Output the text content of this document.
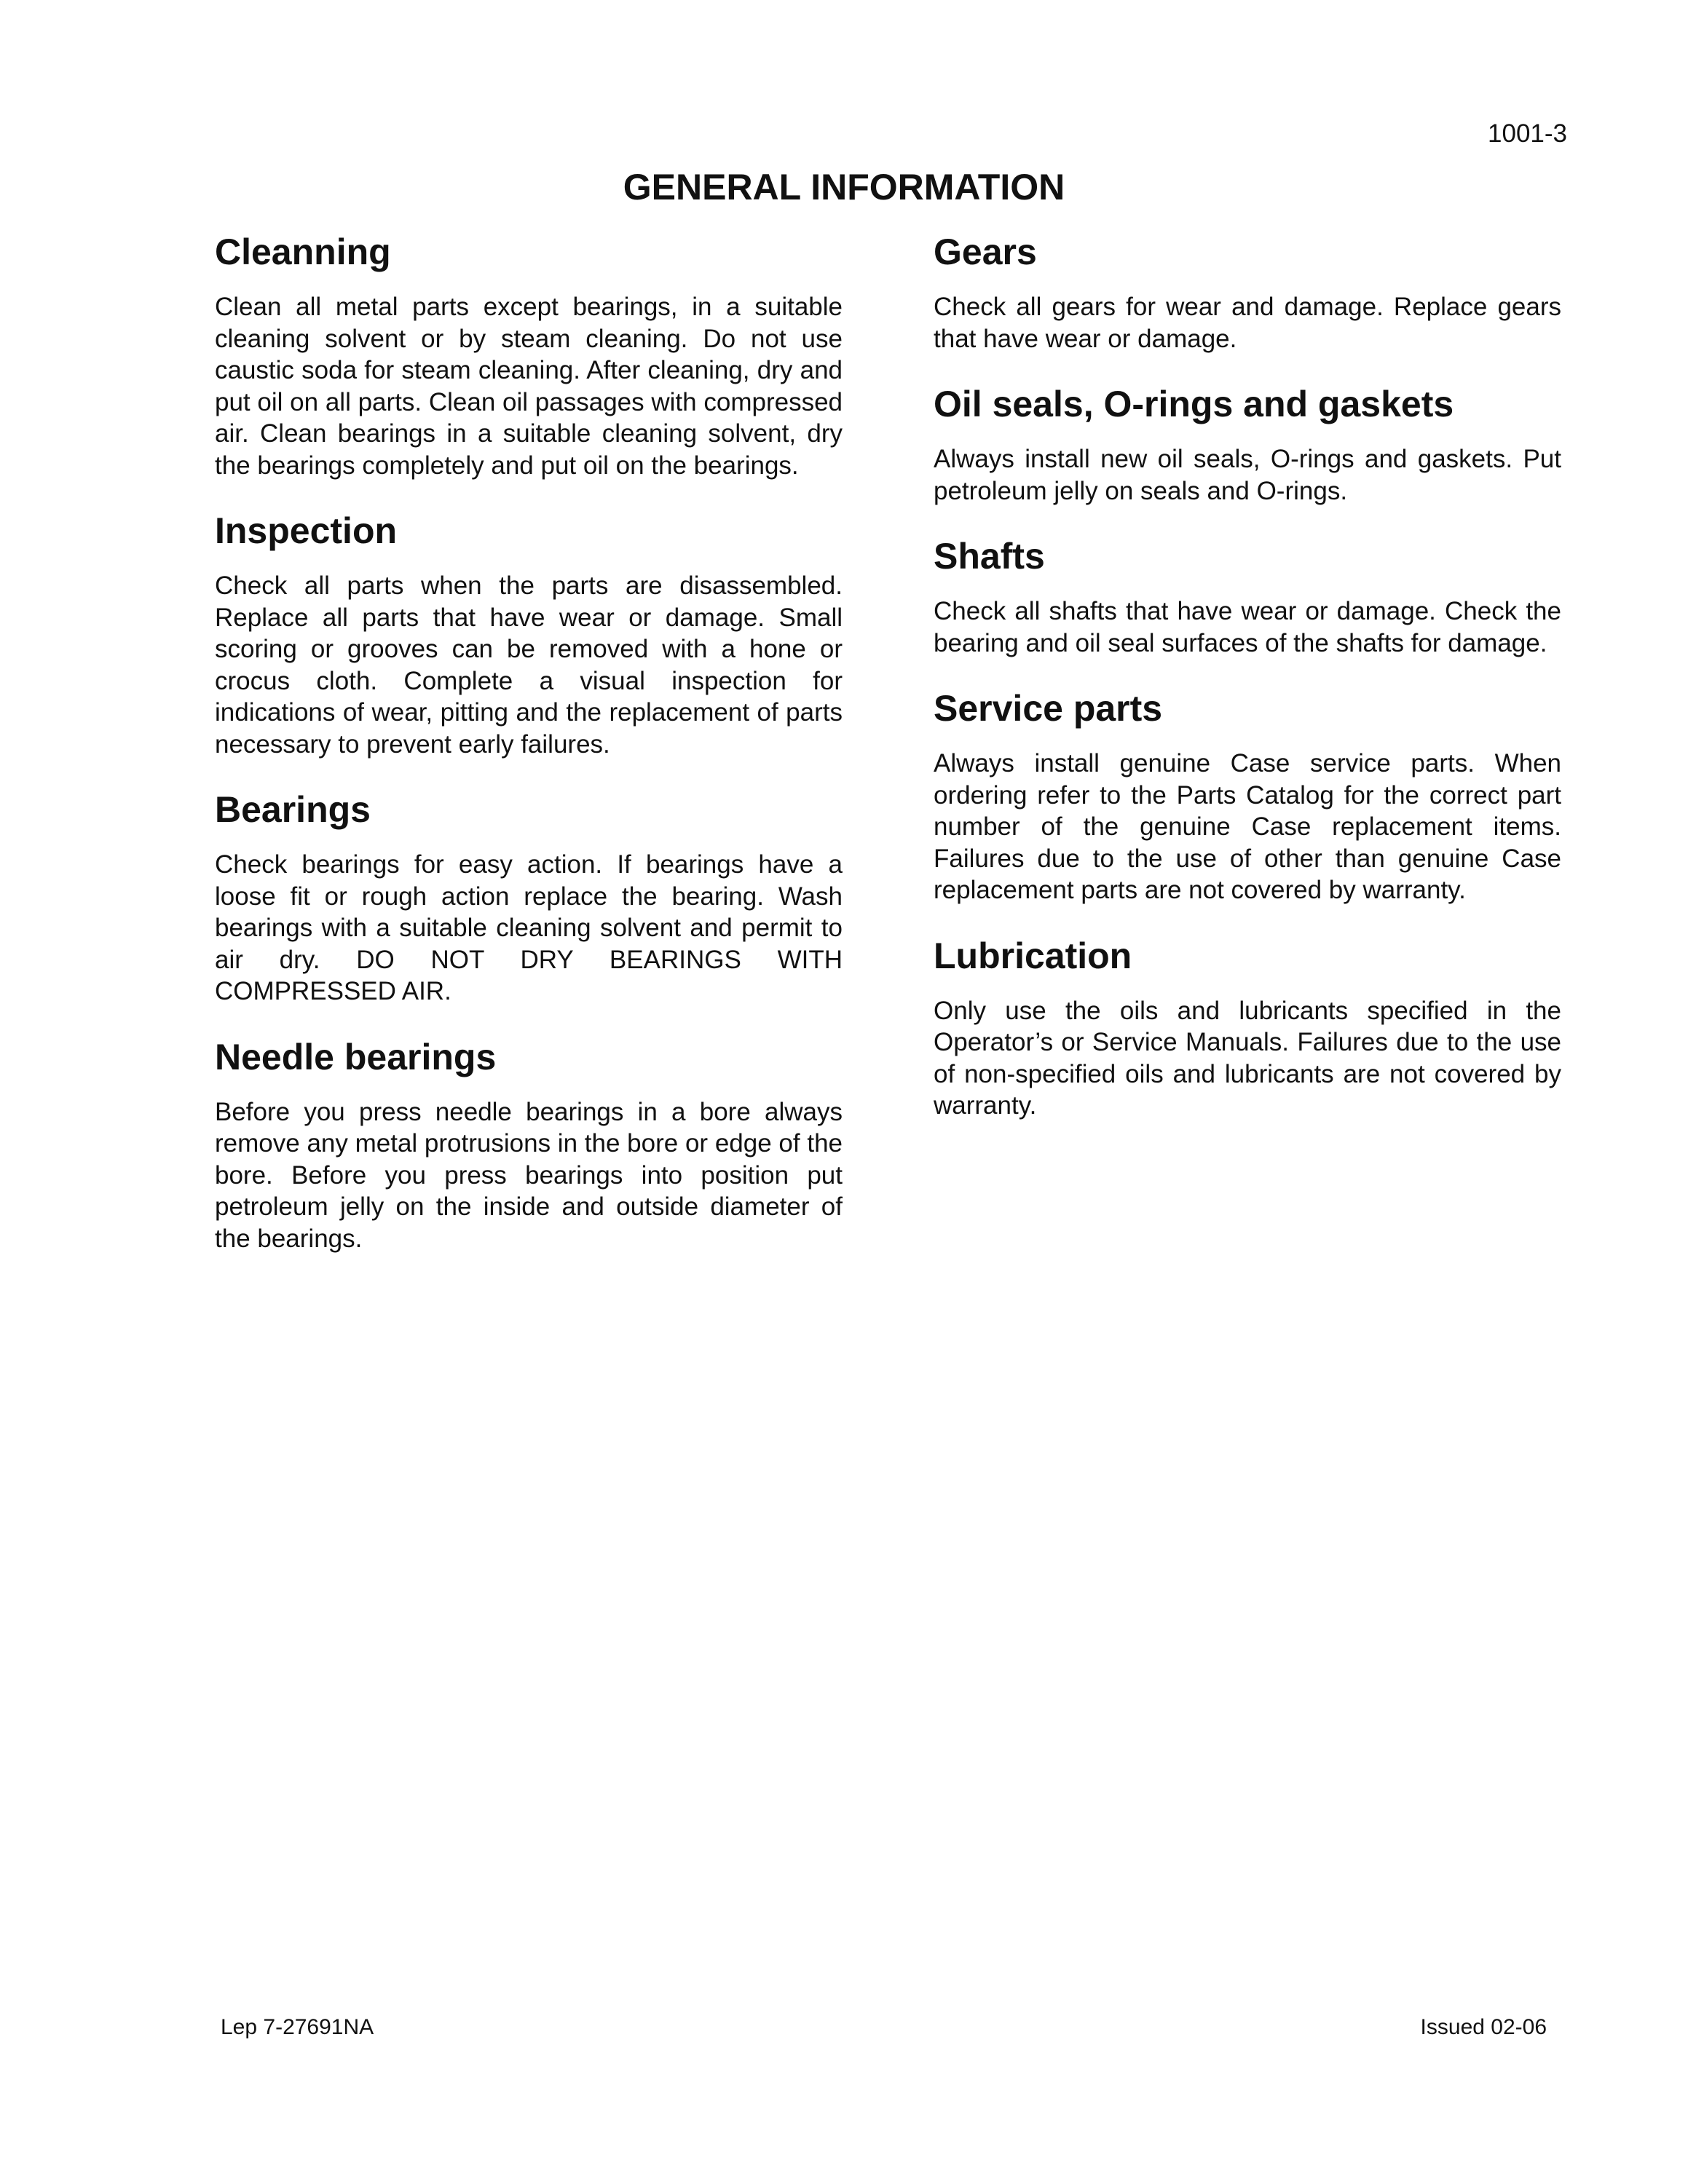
1001-3
GENERAL INFORMATION
Cleanning

Clean all metal parts except bearings, in a suitable cleaning solvent or by steam cleaning. Do not use caustic soda for steam cleaning. After cleaning, dry and put oil on all parts. Clean oil passages with compressed air. Clean bearings in a suitable cleaning solvent, dry the bearings completely and put oil on the bearings.

Inspection

Check all parts when the parts are disassembled. Replace all parts that have wear or damage. Small scoring or grooves can be removed with a hone or crocus cloth. Complete a visual inspection for indications of wear, pitting and the replacement of parts necessary to prevent early failures.

Bearings

Check bearings for easy action. If bearings have a loose fit or rough action replace the bearing. Wash bearings with a suitable cleaning solvent and permit to air dry. DO NOT DRY BEARINGS WITH COMPRESSED AIR.

Needle bearings

Before you press needle bearings in a bore always remove any metal protrusions in the bore or edge of the bore. Before you press bearings into position put petroleum jelly on the inside and outside diameter of the bearings.

Gears

Check all gears for wear and damage. Replace gears that have wear or damage.

Oil seals, O-rings and gaskets

Always install new oil seals, O-rings and gaskets. Put petroleum jelly on seals and O-rings.

Shafts

Check all shafts that have wear or damage. Check the bearing and oil seal surfaces of the shafts for damage.

Service parts

Always install genuine Case service parts. When ordering refer to the Parts Catalog for the correct part number of the genuine Case replacement items. Failures due to the use of other than genuine Case replacement parts are not covered by warranty.

Lubrication

Only use the oils and lubricants specified in the Operator’s or Service Manuals. Failures due to the use of non-specified oils and lubricants are not covered by warranty.

Lep 7-27691NA	Issued 02-06
